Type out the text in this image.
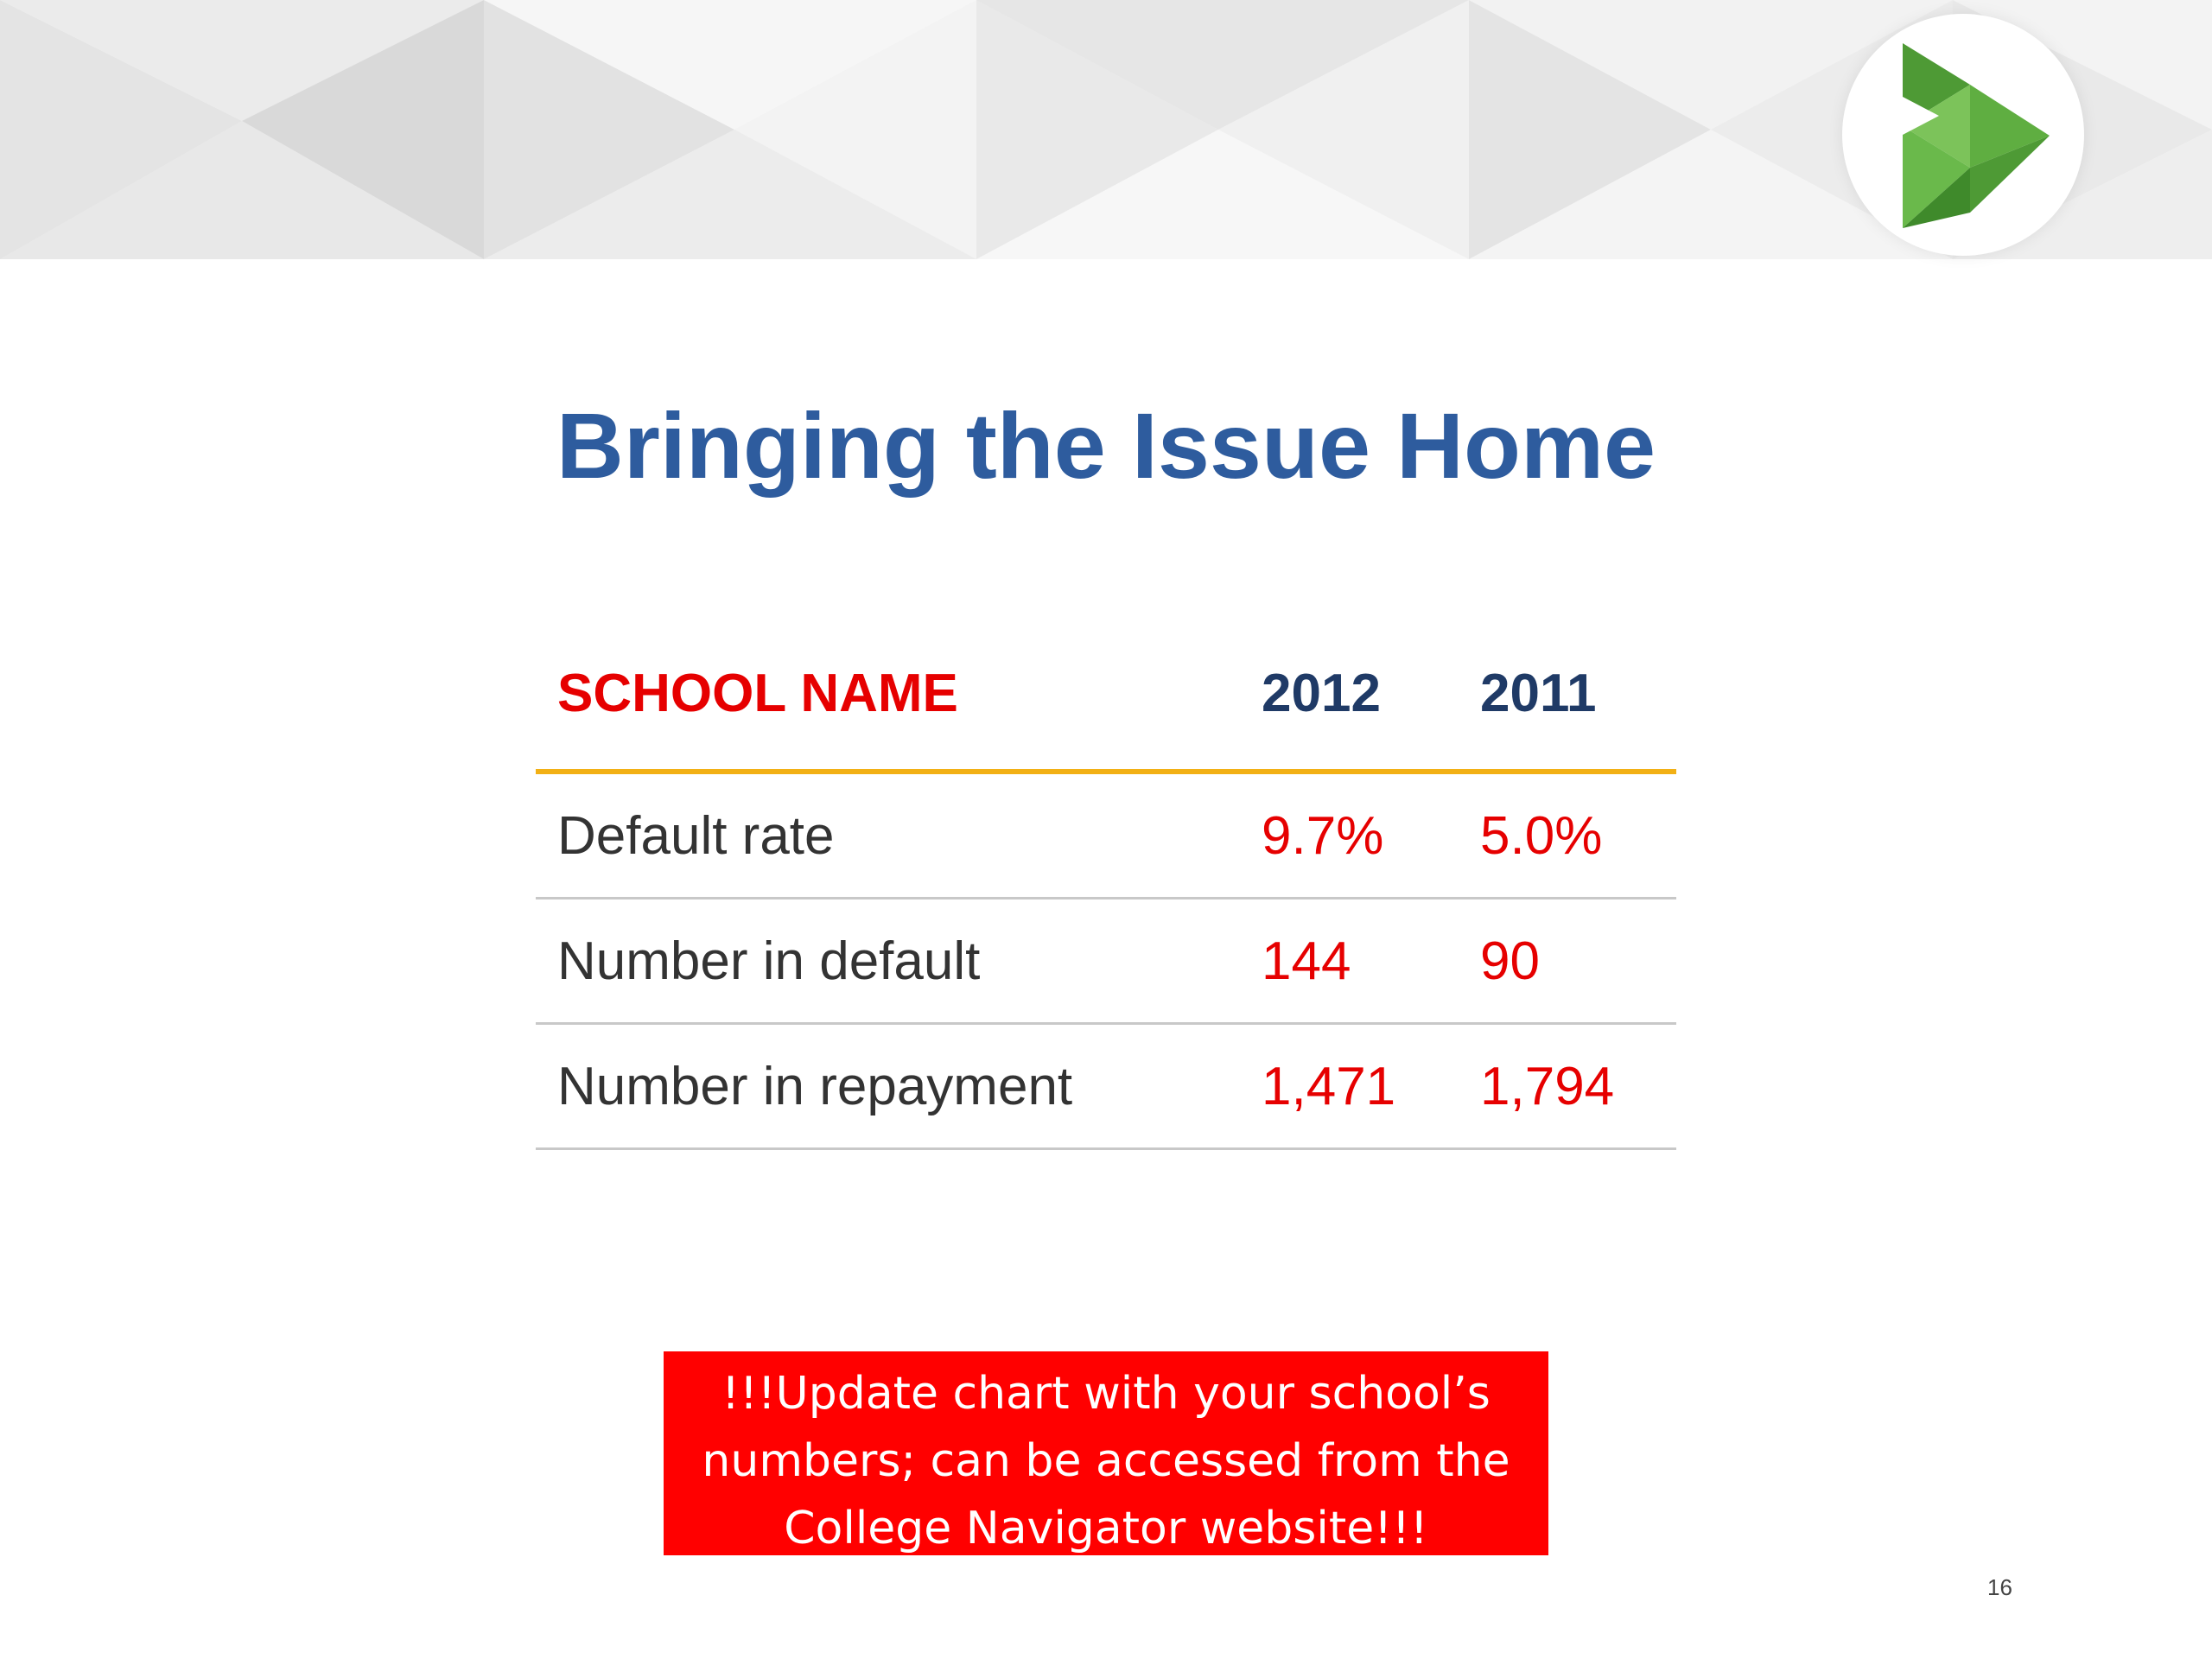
Bringing the Issue Home
SCHOOL NAME	2012 2011
Default rate	9.7% 5.0%
Number in default	144 90
Number in repayment	1,471 1,794
!!!Update chart with your school’s
numbers; can be accessed from the
College Navigator website!!!
16
